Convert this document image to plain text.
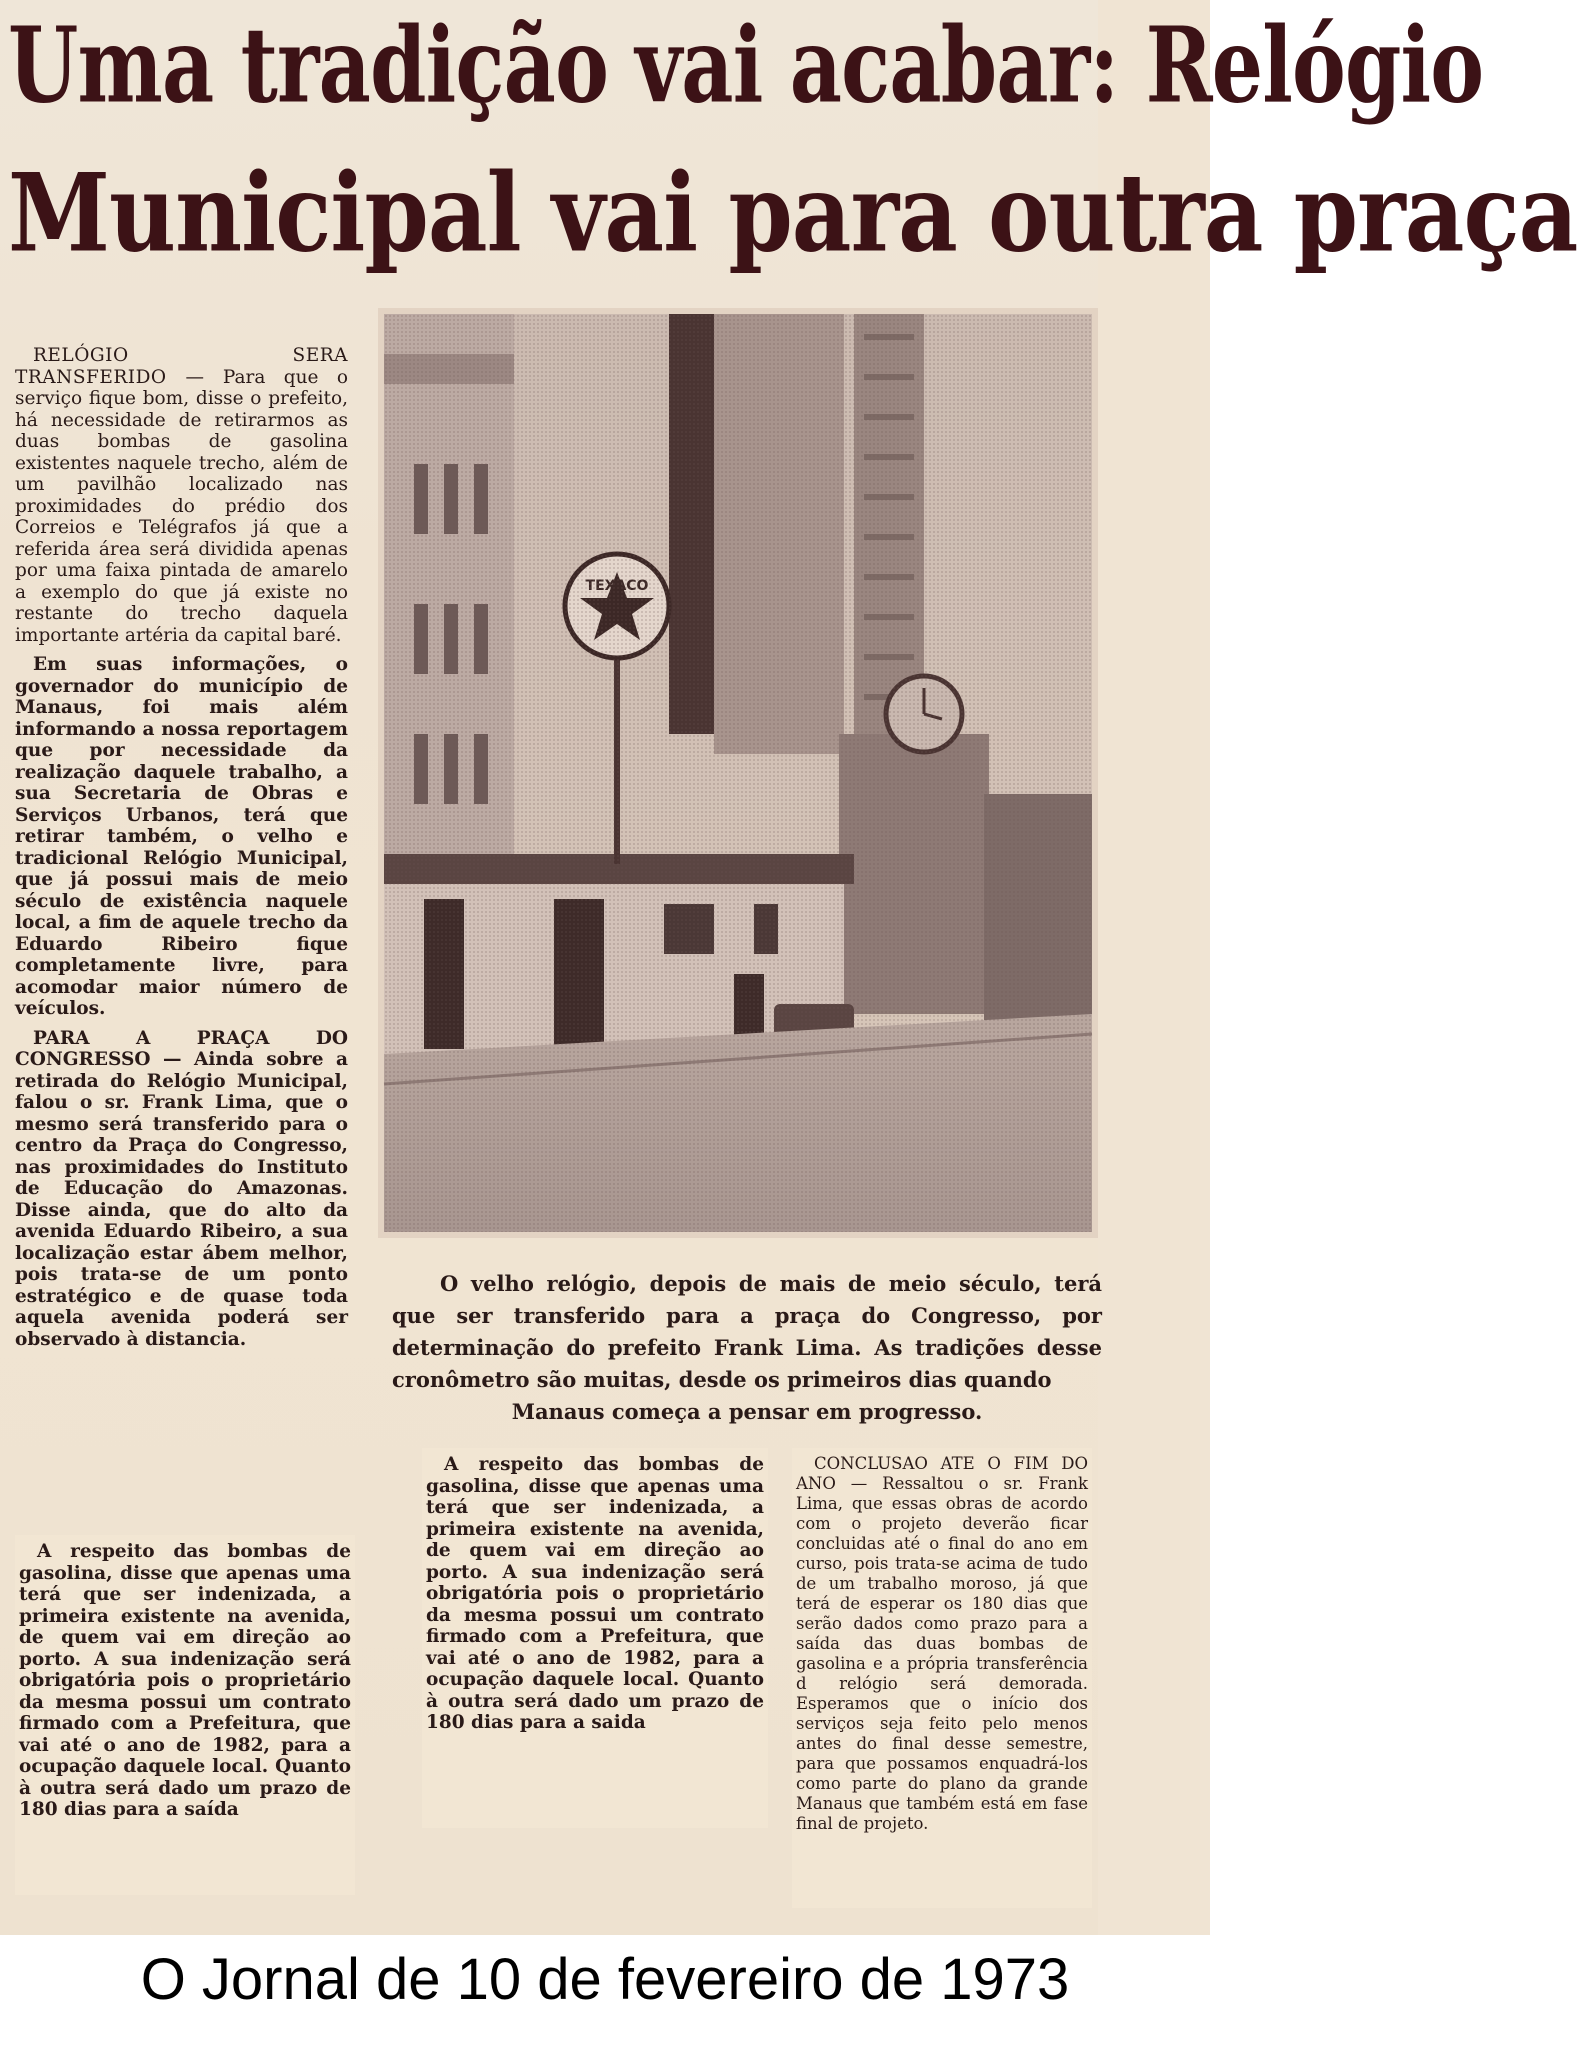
Uma tradição vai acabar: Relógio
Municipal vai para outra praça

RELÓGIO SERA TRANSFERIDO — Para que o serviço fique bom, disse o prefeito, há necessidade de retirarmos as duas bombas de gasolina existentes naquele trecho, além de um pavilhão localizado nas proximidades do prédio dos Correios e Telégrafos já que a referida área será dividida apenas por uma faixa pintada de amarelo a exemplo do que já existe no restante do trecho daquela importante artéria da capital baré.

Em suas informações, o governador do município de Manaus, foi mais além informando a nossa reportagem que por necessidade da realização daquele trabalho, a sua Secretaria de Obras e Serviços Urbanos, terá que retirar também, o velho e tradicional Relógio Municipal, que já possui mais de meio século de existência naquele local, a fim de aquele trecho da Eduardo Ribeiro fique completamente livre, para acomodar maior número de veículos.

PARA A PRAÇA DO CONGRESSO — Ainda sobre a retirada do Relógio Municipal, falou o sr. Frank Lima, que o mesmo será transferido para o centro da Praça do Congresso, nas proximidades do Instituto de Educação do Amazonas. Disse ainda, que do alto da avenida Eduardo Ribeiro, a sua localização estar ábem melhor, pois trata-se de um ponto estratégico e de quase toda aquela avenida poderá ser observado à distancia.

O velho relógio, depois de mais de meio século, terá que ser transferido para a praça do Congresso, por determinação do prefeito Frank Lima. As tradições desse cronômetro são muitas, desde os primeiros dias quando
Manaus começa a pensar em progresso.

A respeito das bombas de gasolina, disse que apenas uma terá que ser indenizada, a primeira existente na avenida, de quem vai em direção ao porto. A sua indenização será obrigatória pois o proprietário da mesma possui um contrato firmado com a Prefeitura, que vai até o ano de 1982, para a ocupação daquele local. Quanto à outra será dado um prazo de 180 dias para a saída

A respeito das bombas de gasolina, disse que apenas uma terá que ser indenizada, a primeira existente na avenida, de quem vai em direção ao porto. A sua indenização será obrigatória pois o proprietário da mesma possui um contrato firmado com a Prefeitura, que vai até o ano de 1982, para a ocupação daquele local. Quanto à outra será dado um prazo de 180 dias para a saida

CONCLUSAO ATE O FIM DO ANO — Ressaltou o sr. Frank Lima, que essas obras de acordo com o projeto deverão ficar concluidas até o final do ano em curso, pois trata-se acima de tudo de um trabalho moroso, já que terá de esperar os 180 dias que serão dados como prazo para a saída das duas bombas de gasolina e a própria transferência d relógio será demorada. Esperamos que o início dos serviços seja feito pelo menos antes do final desse semestre, para que possamos enquadrá-los como parte do plano da grande Manaus que também está em fase final de projeto.

O Jornal de 10 de fevereiro de 1973
